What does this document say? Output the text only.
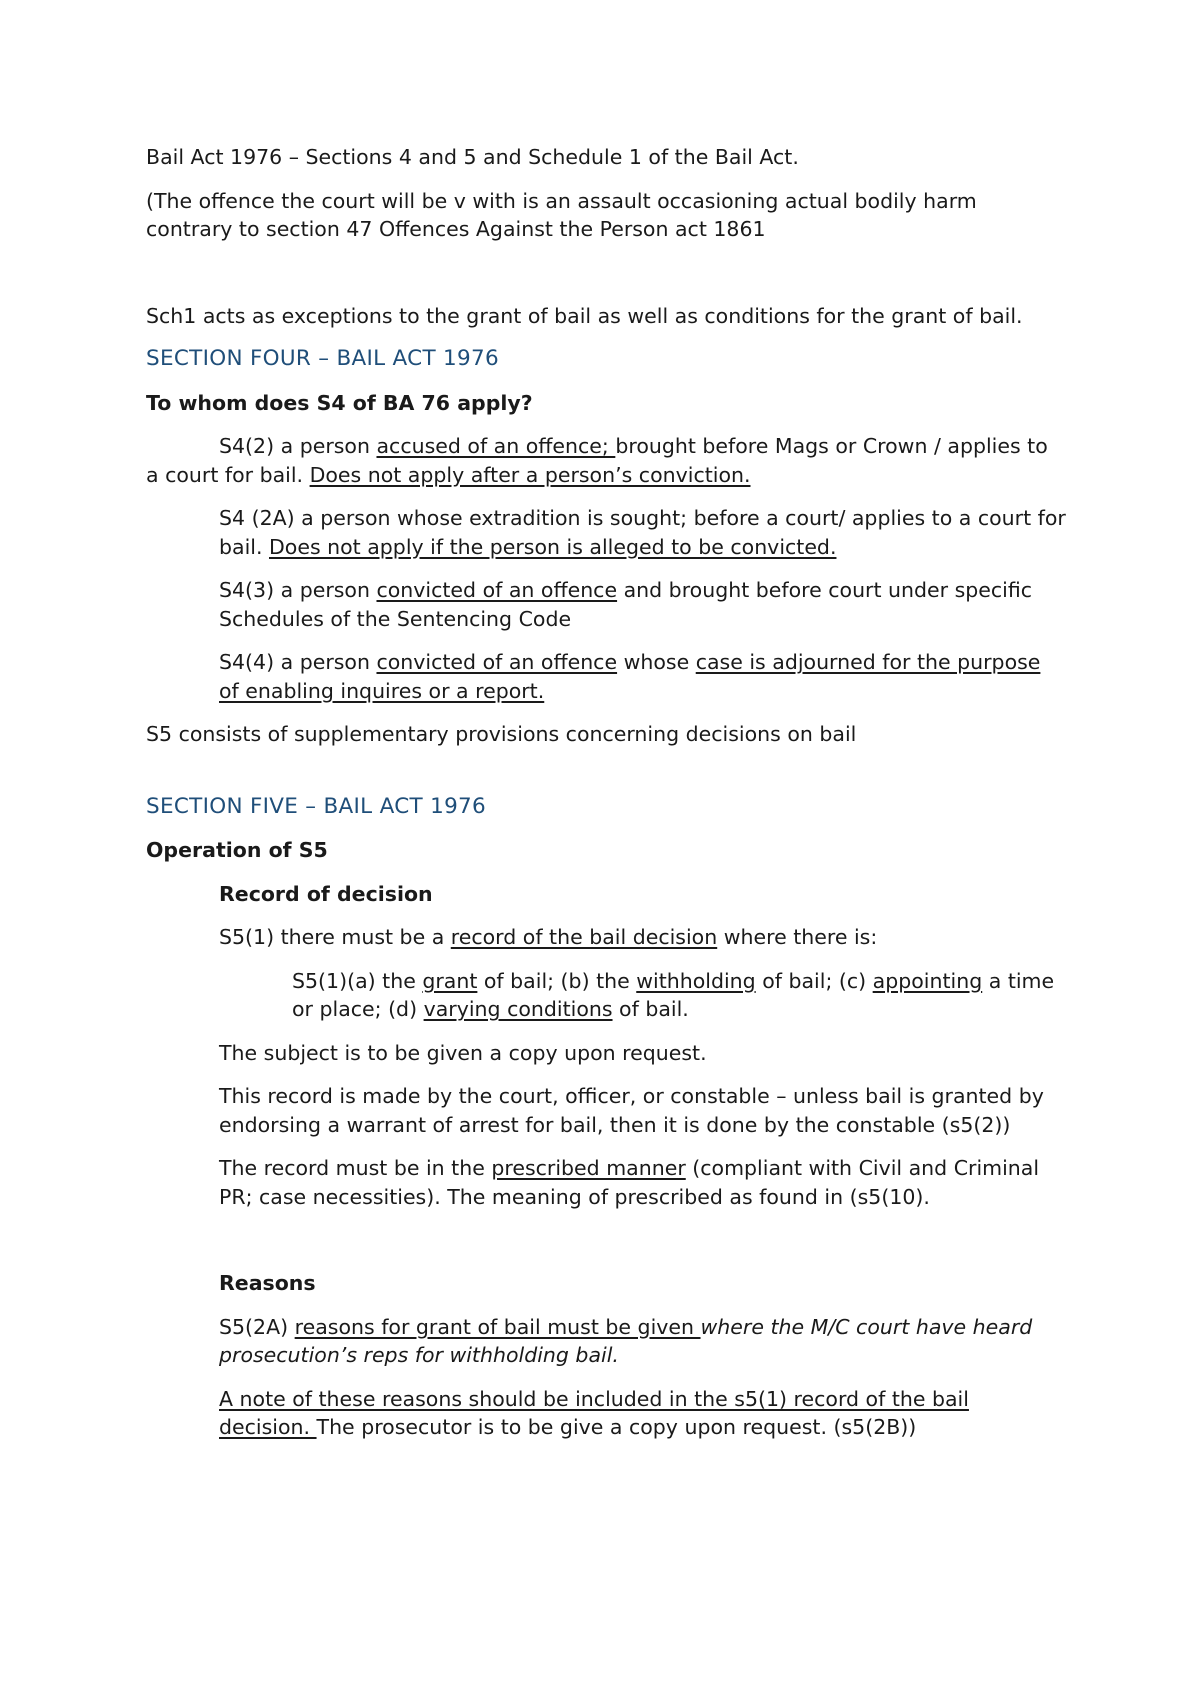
Bail Act 1976 – Sections 4 and 5 and Schedule 1 of the Bail Act.

(The offence the court will be v with is an assault occasioning actual bodily harm contrary to section 47 Offences Against the Person act 1861

Sch1 acts as exceptions to the grant of bail as well as conditions for the grant of bail.

SECTION FOUR – BAIL ACT 1976

To whom does S4 of BA 76 apply?

S4(2) a person accused of an offence; brought before Mags or Crown / applies to a court for bail. Does not apply after a person’s conviction.

S4 (2A) a person whose extradition is sought; before a court/ applies to a court for bail. Does not apply if the person is alleged to be convicted.

S4(3) a person convicted of an offence and brought before court under specific Schedules of the Sentencing Code

S4(4) a person convicted of an offence whose case is adjourned for the purpose of enabling inquires or a report.

S5 consists of supplementary provisions concerning decisions on bail

SECTION FIVE – BAIL ACT 1976

Operation of S5

Record of decision

S5(1) there must be a record of the bail decision where there is:

S5(1)(a) the grant of bail; (b) the withholding of bail; (c) appointing a time or place; (d) varying conditions of bail.

The subject is to be given a copy upon request.

This record is made by the court, officer, or constable – unless bail is granted by endorsing a warrant of arrest for bail, then it is done by the constable (s5(2))

The record must be in the prescribed manner (compliant with Civil and Criminal PR; case necessities). The meaning of prescribed as found in (s5(10).

Reasons

S5(2A) reasons for grant of bail must be given where the M/C court have heard prosecution’s reps for withholding bail.

A note of these reasons should be included in the s5(1) record of the bail decision. The prosecutor is to be give a copy upon request. (s5(2B))
